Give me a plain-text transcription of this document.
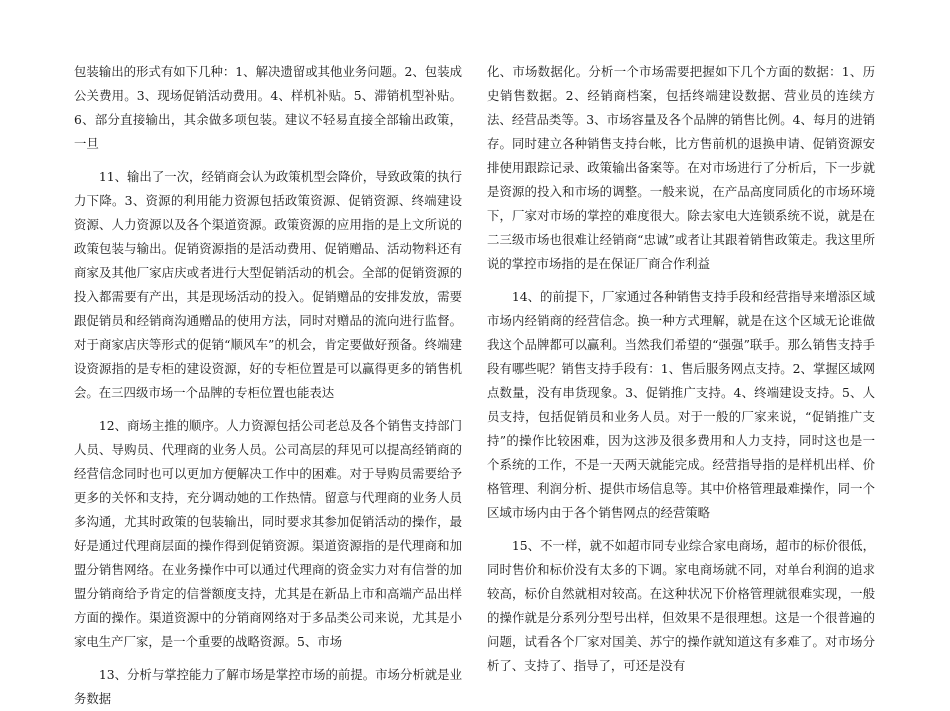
包装输出的形式有如下几种：1、解决遗留或其他业务问题。2、包装成公关费用。3、现场促销活动费用。4、样机补贴。5、滞销机型补贴。6、部分直接输出，其余做多项包装。建议不轻易直接全部输出政策，一旦

　　11、输出了一次，经销商会认为政策机型会降价，导致政策的执行力下降。3、资源的利用能力资源包括政策资源、促销资源、终端建设资源、人力资源以及各个渠道资源。政策资源的应用指的是上文所说的政策包装与输出。促销资源指的是活动费用、促销赠品、活动物料还有商家及其他厂家店庆或者进行大型促销活动的机会。全部的促销资源的投入都需要有产出，其是现场活动的投入。促销赠品的安排发放，需要跟促销员和经销商沟通赠品的使用方法，同时对赠品的流向进行监督。对于商家店庆等形式的促销“顺风车”的机会，肯定要做好预备。终端建设资源指的是专柜的建设资源，好的专柜位置是可以赢得更多的销售机会。在三四级市场一个品牌的专柜位置也能表达

　　12、商场主推的顺序。人力资源包括公司老总及各个销售支持部门人员、导购员、代理商的业务人员。公司高层的拜见可以提高经销商的经营信念同时也可以更加方便解决工作中的困难。对于导购员需要给予更多的关怀和支持，充分调动她的工作热情。留意与代理商的业务人员多沟通，尤其时政策的包装输出，同时要求其参加促销活动的操作，最好是通过代理商层面的操作得到促销资源。渠道资源指的是代理商和加盟分销售网络。在业务操作中可以通过代理商的资金实力对有信誉的加盟分销商给予肯定的信誉额度支持，尤其是在新品上市和高端产品出样方面的操作。渠道资源中的分销商网络对于多品类公司来说，尤其是小家电生产厂家，是一个重要的战略资源。5、市场

　　13、分析与掌控能力了解市场是掌控市场的前提。市场分析就是业务数据

化、市场数据化。分析一个市场需要把握如下几个方面的数据：1、历史销售数据。2、经销商档案，包括终端建设数据、营业员的连续方法、经营品类等。3、市场容量及各个品牌的销售比例。4、每月的进销存。同时建立各种销售支持台帐，比方售前机的退换申请、促销资源安排使用跟踪记录、政策输出备案等。在对市场进行了分析后，下一步就是资源的投入和市场的调整。一般来说，在产品高度同质化的市场环境下，厂家对市场的掌控的难度很大。除去家电大连锁系统不说，就是在二三级市场也很难让经销商“忠诚”或者让其跟着销售政策走。我这里所说的掌控市场指的是在保证厂商合作利益

　　14、的前提下，厂家通过各种销售支持手段和经营指导来增添区域市场内经销商的经营信念。换一种方式理解，就是在这个区域无论谁做我这个品牌都可以赢利。当然我们希望的“强强”联手。那么销售支持手段有哪些呢？销售支持手段有：1、售后服务网点支持。2、掌握区域网点数量，没有串货现象。3、促销推广支持。4、终端建设支持。5、人员支持，包括促销员和业务人员。对于一般的厂家来说，“促销推广支持”的操作比较困难，因为这涉及很多费用和人力支持，同时这也是一个系统的工作，不是一天两天就能完成。经营指导指的是样机出样、价格管理、利润分析、提供市场信息等。其中价格管理最难操作，同一个区域市场内由于各个销售网点的经营策略

　　15、不一样，就不如超市同专业综合家电商场，超市的标价很低，同时售价和标价没有太多的下调。家电商场就不同，对单台利润的追求较高，标价自然就相对较高。在这种状况下价格管理就很难实现，一般的操作就是分系列分型号出样，但效果不是很理想。这是一个很普遍的问题，试看各个厂家对国美、苏宁的操作就知道这有多难了。对市场分析了、支持了、指导了，可还是没有
